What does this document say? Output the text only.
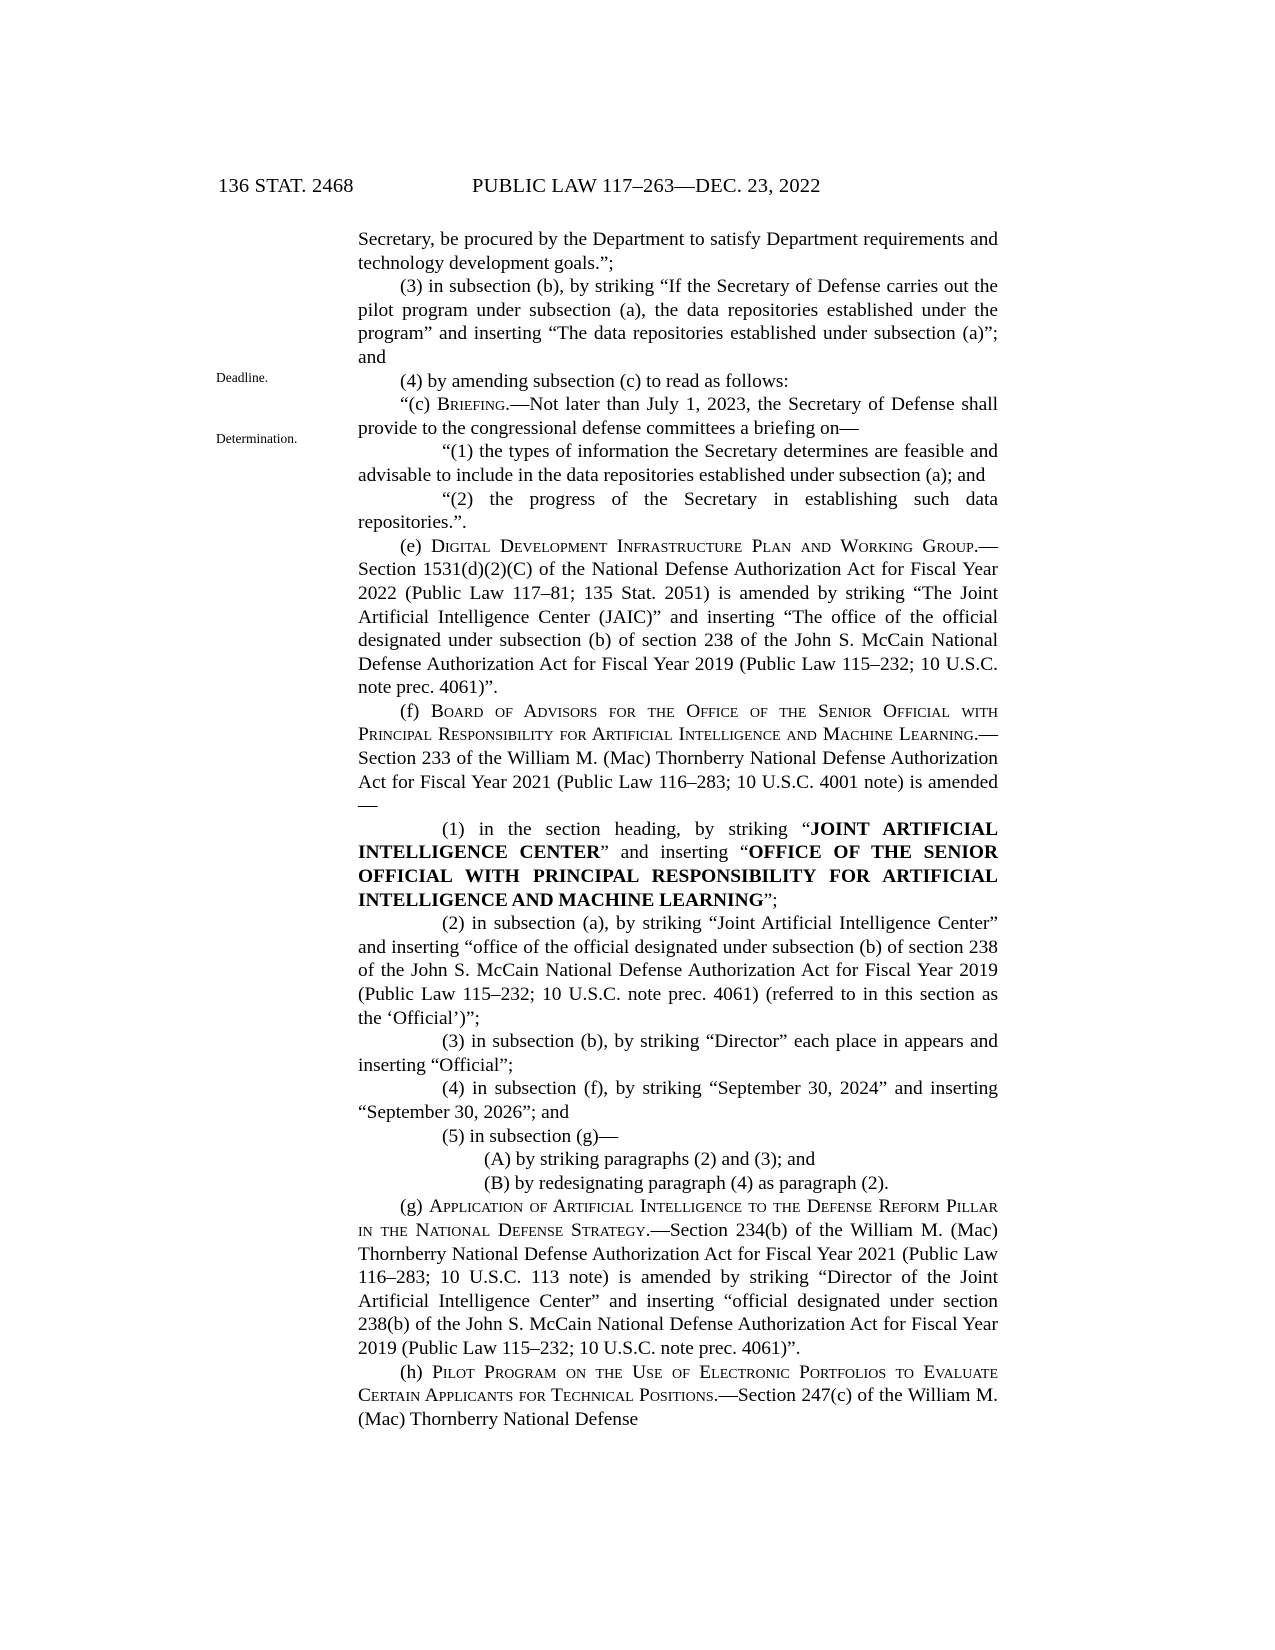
136 STAT. 2468	PUBLIC LAW 117–263—DEC. 23, 2022
Deadline.
Determination.

Secretary, be procured by the Department to satisfy Department requirements and technology development goals.”;

(3) in subsection (b), by striking “If the Secretary of Defense carries out the pilot program under subsection (a), the data repositories established under the program” and inserting “The data repositories established under subsection (a)”; and

(4) by amending subsection (c) to read as follows:

“(c) Briefing.—Not later than July 1, 2023, the Secretary of Defense shall provide to the congressional defense committees a briefing on—

“(1) the types of information the Secretary determines are feasible and advisable to include in the data repositories established under subsection (a); and

“(2) the progress of the Secretary in establishing such data repositories.”.

(e) Digital Development Infrastructure Plan and Working Group.—Section 1531(d)(2)(C) of the National Defense Authorization Act for Fiscal Year 2022 (Public Law 117–81; 135 Stat. 2051) is amended by striking “The Joint Artificial Intelligence Center (JAIC)” and inserting “The office of the official designated under subsection (b) of section 238 of the John S. McCain National Defense Authorization Act for Fiscal Year 2019 (Public Law 115–232; 10 U.S.C. note prec. 4061)”.

(f) Board of Advisors for the Office of the Senior Official with Principal Responsibility for Artificial Intelligence and Machine Learning.—Section 233 of the William M. (Mac) Thornberry National Defense Authorization Act for Fiscal Year 2021 (Public Law 116–283; 10 U.S.C. 4001 note) is amended—

(1) in the section heading, by striking “JOINT ARTIFICIAL INTELLIGENCE CENTER” and inserting “OFFICE OF THE SENIOR OFFICIAL WITH PRINCIPAL RESPONSIBILITY FOR ARTIFICIAL INTELLIGENCE AND MACHINE LEARNING”;

(2) in subsection (a), by striking “Joint Artificial Intelligence Center” and inserting “office of the official designated under subsection (b) of section 238 of the John S. McCain National Defense Authorization Act for Fiscal Year 2019 (Public Law 115–232; 10 U.S.C. note prec. 4061) (referred to in this section as the ‘Official’)”;

(3) in subsection (b), by striking “Director” each place in appears and inserting “Official”;

(4) in subsection (f), by striking “September 30, 2024” and inserting “September 30, 2026”; and

(5) in subsection (g)—

(A) by striking paragraphs (2) and (3); and

(B) by redesignating paragraph (4) as paragraph (2).

(g) Application of Artificial Intelligence to the Defense Reform Pillar in the National Defense Strategy.—Section 234(b) of the William M. (Mac) Thornberry National Defense Authorization Act for Fiscal Year 2021 (Public Law 116–283; 10 U.S.C. 113 note) is amended by striking “Director of the Joint Artificial Intelligence Center” and inserting “official designated under section 238(b) of the John S. McCain National Defense Authorization Act for Fiscal Year 2019 (Public Law 115–232; 10 U.S.C. note prec. 4061)”.

(h) Pilot Program on the Use of Electronic Portfolios to Evaluate Certain Applicants for Technical Positions.—Section 247(c) of the William M. (Mac) Thornberry National Defense
